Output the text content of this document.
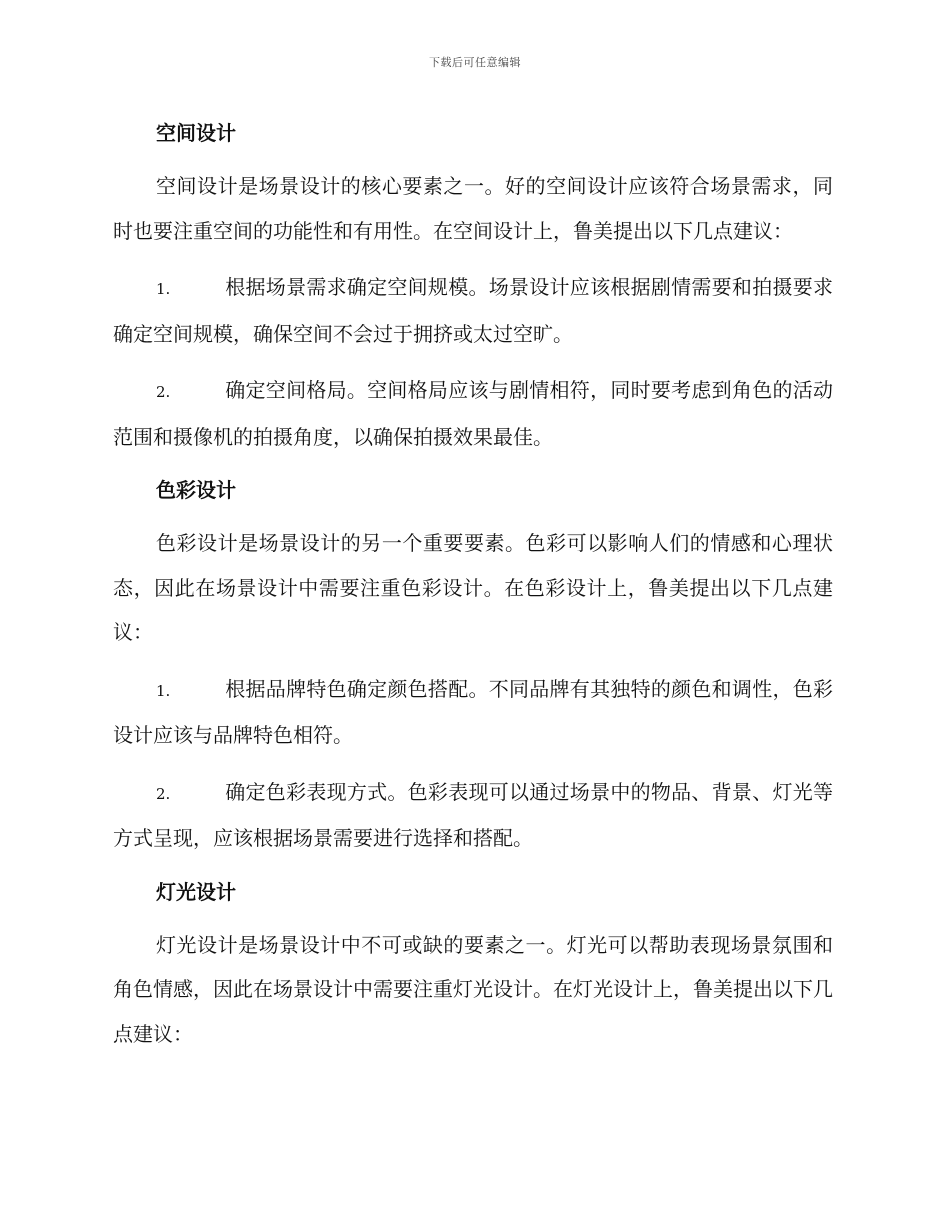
下载后可任意编辑
空间设计

空间设计是场景设计的核心要素之一。好的空间设计应该符合场景需求，同时也要注重空间的功能性和有用性。在空间设计上，鲁美提出以下几点建议：

1.	根据场景需求确定空间规模。场景设计应该根据剧情需要和拍摄要求确定空间规模，确保空间不会过于拥挤或太过空旷。

2.	确定空间格局。空间格局应该与剧情相符，同时要考虑到角色的活动范围和摄像机的拍摄角度，以确保拍摄效果最佳。

色彩设计

色彩设计是场景设计的另一个重要要素。色彩可以影响人们的情感和心理状态，因此在场景设计中需要注重色彩设计。在色彩设计上，鲁美提出以下几点建议：

1.	根据品牌特色确定颜色搭配。不同品牌有其独特的颜色和调性，色彩设计应该与品牌特色相符。

2.	确定色彩表现方式。色彩表现可以通过场景中的物品、背景、灯光等方式呈现，应该根据场景需要进行选择和搭配。

灯光设计

灯光设计是场景设计中不可或缺的要素之一。灯光可以帮助表现场景氛围和角色情感，因此在场景设计中需要注重灯光设计。在灯光设计上，鲁美提出以下几点建议：
